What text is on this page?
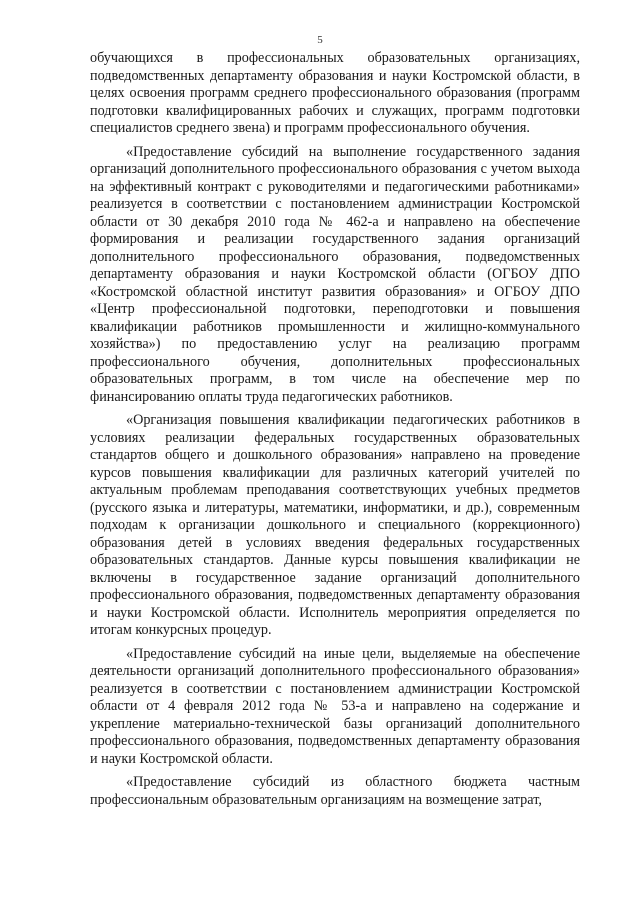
5

обучающихся в профессиональных образовательных организациях, подведомственных департаменту образования и науки Костромской области, в целях освоения программ среднего профессионального образования (программ подготовки квалифицированных рабочих и служащих, программ подготовки специалистов среднего звена) и программ профессионального обучения.

«Предоставление субсидий на выполнение государственного задания организаций дополнительного профессионального образования с учетом выхода на эффективный контракт с руководителями и педагогическими работниками» реализуется в соответствии с постановлением администрации Костромской области от 30 декабря 2010 года № 462-а и направлено на обеспечение формирования и реализации государственного задания организаций дополнительного профессионального образования, подведомственных департаменту образования и науки Костромской области (ОГБОУ ДПО «Костромской областной институт развития образования» и ОГБОУ ДПО «Центр профессиональной подготовки, переподготовки и повышения квалификации работников промышленности и жилищно-коммунального хозяйства») по предоставлению услуг на реализацию программ профессионального обучения, дополнительных профессиональных образовательных программ, в том числе на обеспечение мер по финансированию оплаты труда педагогических работников.

«Организация повышения квалификации педагогических работников в условиях реализации федеральных государственных образовательных стандартов общего и дошкольного образования» направлено на проведение курсов повышения квалификации для различных категорий учителей по актуальным проблемам преподавания соответствующих учебных предметов (русского языка и литературы, математики, информатики, и др.), современным подходам к организации дошкольного и специального (коррекционного) образования детей в условиях введения федеральных государственных образовательных стандартов. Данные курсы повышения квалификации не включены в государственное задание организаций дополнительного профессионального образования, подведомственных департаменту образования и науки Костромской области. Исполнитель мероприятия определяется по итогам конкурсных процедур.

«Предоставление субсидий на иные цели, выделяемые на обеспечение деятельности организаций дополнительного профессионального образования» реализуется в соответствии с постановлением администрации Костромской области от 4 февраля 2012 года № 53-а и направлено на содержание и укрепление материально-технической базы организаций дополнительного профессионального образования, подведомственных департаменту образования и науки Костромской области.

«Предоставление субсидий из областного бюджета частным профессиональным образовательным организациям на возмещение затрат,
